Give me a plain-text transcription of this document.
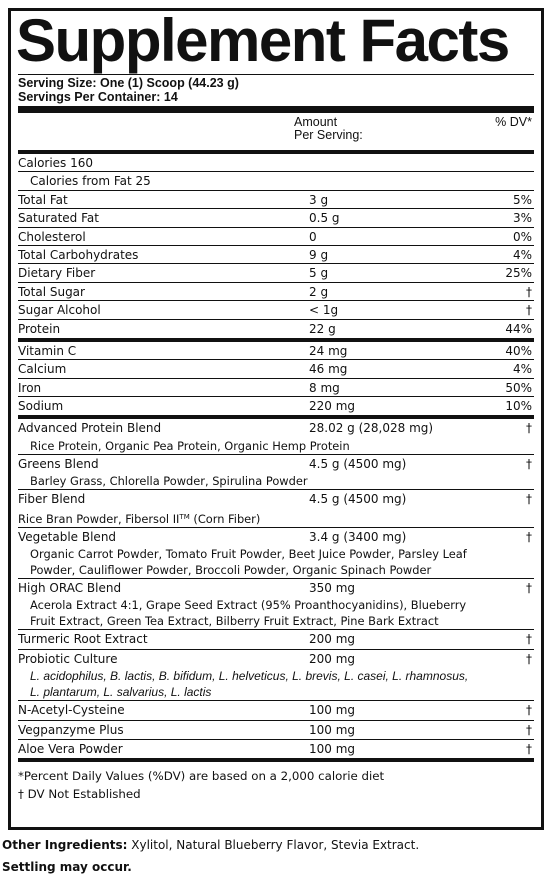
Supplement Facts
Serving Size: One (1) Scoop (44.23 g)
Servings Per Container: 14
Amount
Per Serving:
% DV*
Calories 160
Calories from Fat 25
Total Fat	3 g	5%
Saturated Fat	0.5 g	3%
Cholesterol	0	0%
Total Carbohydrates	9 g	4%
Dietary Fiber	5 g	25%
Total Sugar	2 g	†
Sugar Alcohol	< 1g	†
Protein	22 g	44%
Vitamin C	24 mg	40%
Calcium	46 mg	4%
Iron	8 mg	50%
Sodium	220 mg	10%
Advanced Protein Blend	28.02 g (28,028 mg)	†
Rice Protein, Organic Pea Protein, Organic Hemp Protein
Greens Blend	4.5 g (4500 mg)	†
Barley Grass, Chlorella Powder, Spirulina Powder
Fiber Blend	4.5 g (4500 mg)	†
Rice Bran Powder, Fibersol II™ (Corn Fiber)
Vegetable Blend	3.4 g (3400 mg)	†
Organic Carrot Powder, Tomato Fruit Powder, Beet Juice Powder, Parsley Leaf
Powder, Cauliflower Powder, Broccoli Powder, Organic Spinach Powder
High ORAC Blend	350 mg	†
Acerola Extract 4:1, Grape Seed Extract (95% Proanthocyanidins), Blueberry
Fruit Extract, Green Tea Extract, Bilberry Fruit Extract, Pine Bark Extract
Turmeric Root Extract	200 mg	†
Probiotic Culture	200 mg	†
L. acidophilus, B. lactis, B. bifidum, L. helveticus, L. brevis, L. casei, L. rhamnosus,
L. plantarum, L. salvarius, L. lactis
N-Acetyl-Cysteine	100 mg	†
Vegpanzyme Plus	100 mg	†
Aloe Vera Powder	100 mg	†
*Percent Daily Values (%DV) are based on a 2,000 calorie diet
† DV Not Established
Other Ingredients: Xylitol, Natural Blueberry Flavor, Stevia Extract.
Settling may occur.
